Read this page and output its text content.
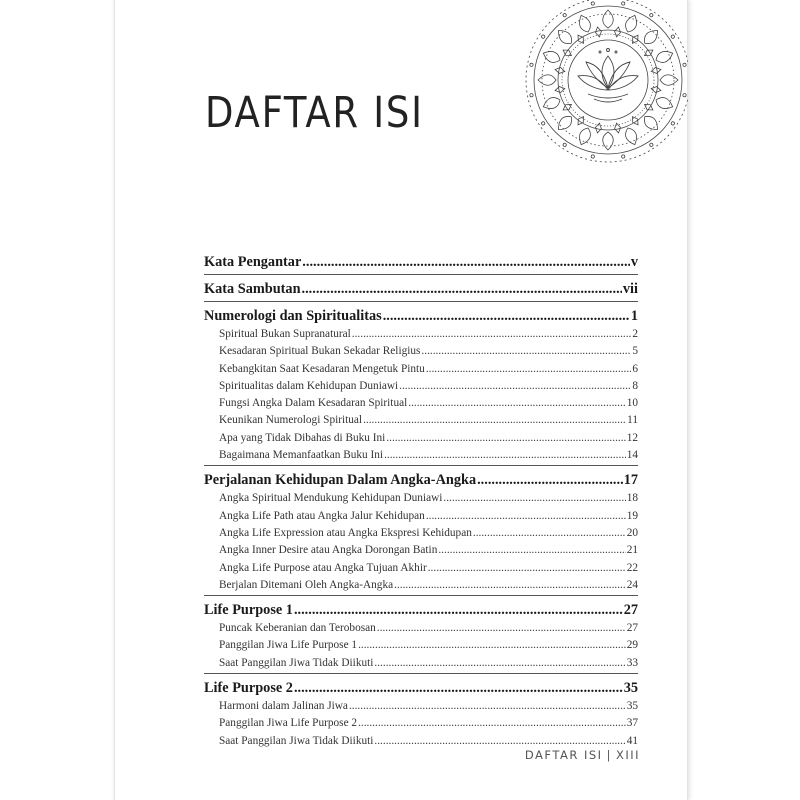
DAFTAR ISI
Kata Pengantar .....	v
Kata Sambutan .....	vii
Numerologi dan Spiritualitas .....	1
Spiritual Bukan Supranatural .....	2
Kesadaran Spiritual Bukan Sekadar Religius .....	5
Kebangkitan Saat Kesadaran Mengetuk Pintu .....	6
Spiritualitas dalam Kehidupan Duniawi .....	8
Fungsi Angka Dalam Kesadaran Spiritual .....	10
Keunikan Numerologi Spiritual .....	11
Apa yang Tidak Dibahas di Buku Ini .....	12
Bagaimana Memanfaatkan Buku Ini .....	14
Perjalanan Kehidupan Dalam Angka-Angka .....	17
Angka Spiritual Mendukung Kehidupan Duniawi .....	18
Angka Life Path atau Angka Jalur Kehidupan .....	19
Angka Life Expression atau Angka Ekspresi Kehidupan .....	20
Angka Inner Desire atau Angka Dorongan Batin .....	21
Angka Life Purpose atau Angka Tujuan Akhir .....	22
Berjalan Ditemani Oleh Angka-Angka .....	24
Life Purpose 1 .....	27
Puncak Keberanian dan Terobosan .....	27
Panggilan Jiwa Life Purpose 1 .....	29
Saat Panggilan Jiwa Tidak Diikuti .....	33
Life Purpose 2 .....	35
Harmoni dalam Jalinan Jiwa .....	35
Panggilan Jiwa Life Purpose 2 .....	37
Saat Panggilan Jiwa Tidak Diikuti .....	41
DAFTAR ISI | XIII
